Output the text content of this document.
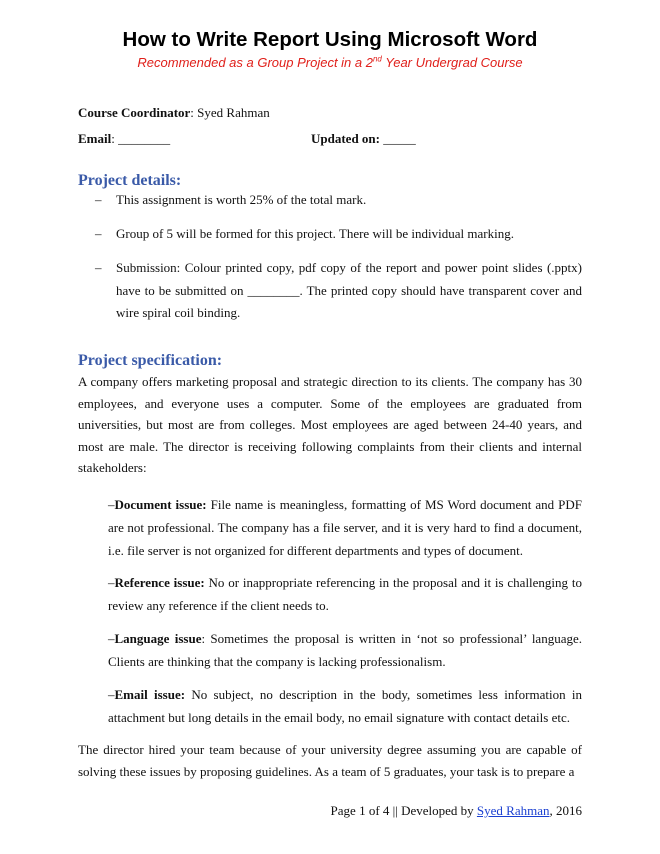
How to Write Report Using Microsoft Word
Recommended as a Group Project in a 2nd Year Undergrad Course
Course Coordinator: Syed Rahman
Email: ________	Updated on: _____
Project details:
– This assignment is worth 25% of the total mark.
– Group of 5 will be formed for this project. There will be individual marking.
– Submission: Colour printed copy, pdf copy of the report and power point slides (.pptx) have to be submitted on ________. The printed copy should have transparent cover and wire spiral coil binding.
Project specification:
A company offers marketing proposal and strategic direction to its clients. The company has 30 employees, and everyone uses a computer. Some of the employees are graduated from universities, but most are from colleges. Most employees are aged between 24-40 years, and most are male. The director is receiving following complaints from their clients and internal stakeholders:
–Document issue: File name is meaningless, formatting of MS Word document and PDF are not professional. The company has a file server, and it is very hard to find a document, i.e. file server is not organized for different departments and types of document.
–Reference issue: No or inappropriate referencing in the proposal and it is challenging to review any reference if the client needs to.
–Language issue: Sometimes the proposal is written in ‘not so professional’ language. Clients are thinking that the company is lacking professionalism.
–Email issue: No subject, no description in the body, sometimes less information in attachment but long details in the email body, no email signature with contact details etc.
The director hired your team because of your university degree assuming you are capable of solving these issues by proposing guidelines. As a team of 5 graduates, your task is to prepare a
Page 1 of 4 || Developed by Syed Rahman, 2016
